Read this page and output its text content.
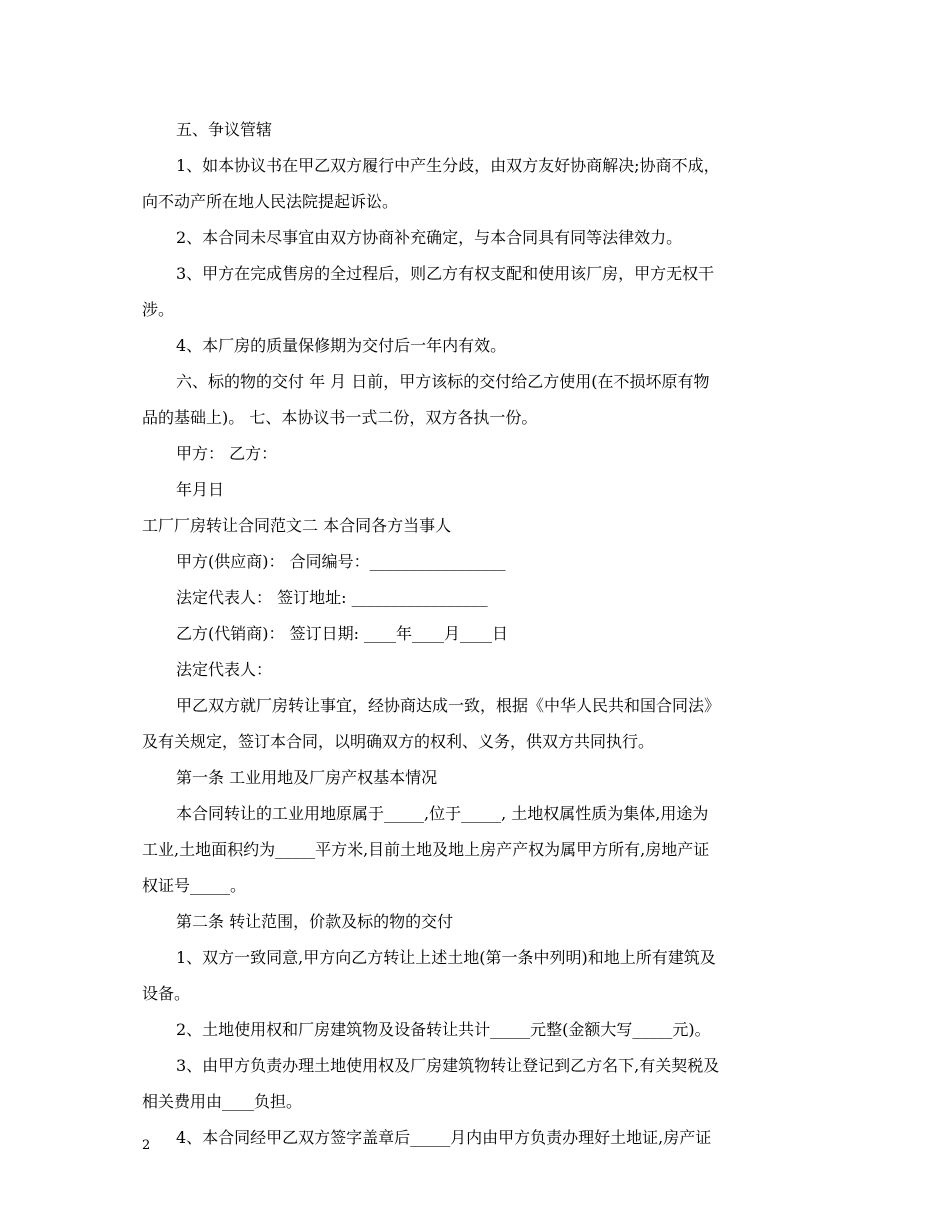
五、争议管辖
1、如本协议书在甲乙双方履行中产生分歧，由双方友好协商解决;协商不成，
向不动产所在地人民法院提起诉讼。
2、本合同未尽事宜由双方协商补充确定，与本合同具有同等法律效力。
3、甲方在完成售房的全过程后，则乙方有权支配和使用该厂房，甲方无权干
涉。
4、本厂房的质量保修期为交付后一年内有效。
六、标的物的交付 年 月 日前，甲方该标的交付给乙方使用(在不损坏原有物
品的基础上)。 七、本协议书一式二份，双方各执一份。
甲方： 乙方：
年月日
工厂厂房转让合同范文二 本合同各方当事人
甲方(供应商)： 合同编号：_________________
法定代表人： 签订地址: _________________
乙方(代销商)： 签订日期: ____年____月____日
法定代表人：
甲乙双方就厂房转让事宜，经协商达成一致，根据《中华人民共和国合同法》
及有关规定，签订本合同，以明确双方的权利、义务，供双方共同执行。
第一条 工业用地及厂房产权基本情况
本合同转让的工业用地原属于_____,位于_____, 土地权属性质为集体,用途为
工业,土地面积约为_____平方米,目前土地及地上房产产权为属甲方所有,房地产证
权证号_____。
第二条 转让范围，价款及标的物的交付
1、双方一致同意,甲方向乙方转让上述土地(第一条中列明)和地上所有建筑及
设备。
2、土地使用权和厂房建筑物及设备转让共计_____元整(金额大写_____元)。
3、由甲方负责办理土地使用权及厂房建筑物转让登记到乙方名下,有关契税及
相关费用由____负担。
4、本合同经甲乙双方签字盖章后_____月内由甲方负责办理好土地证,房产证
2
